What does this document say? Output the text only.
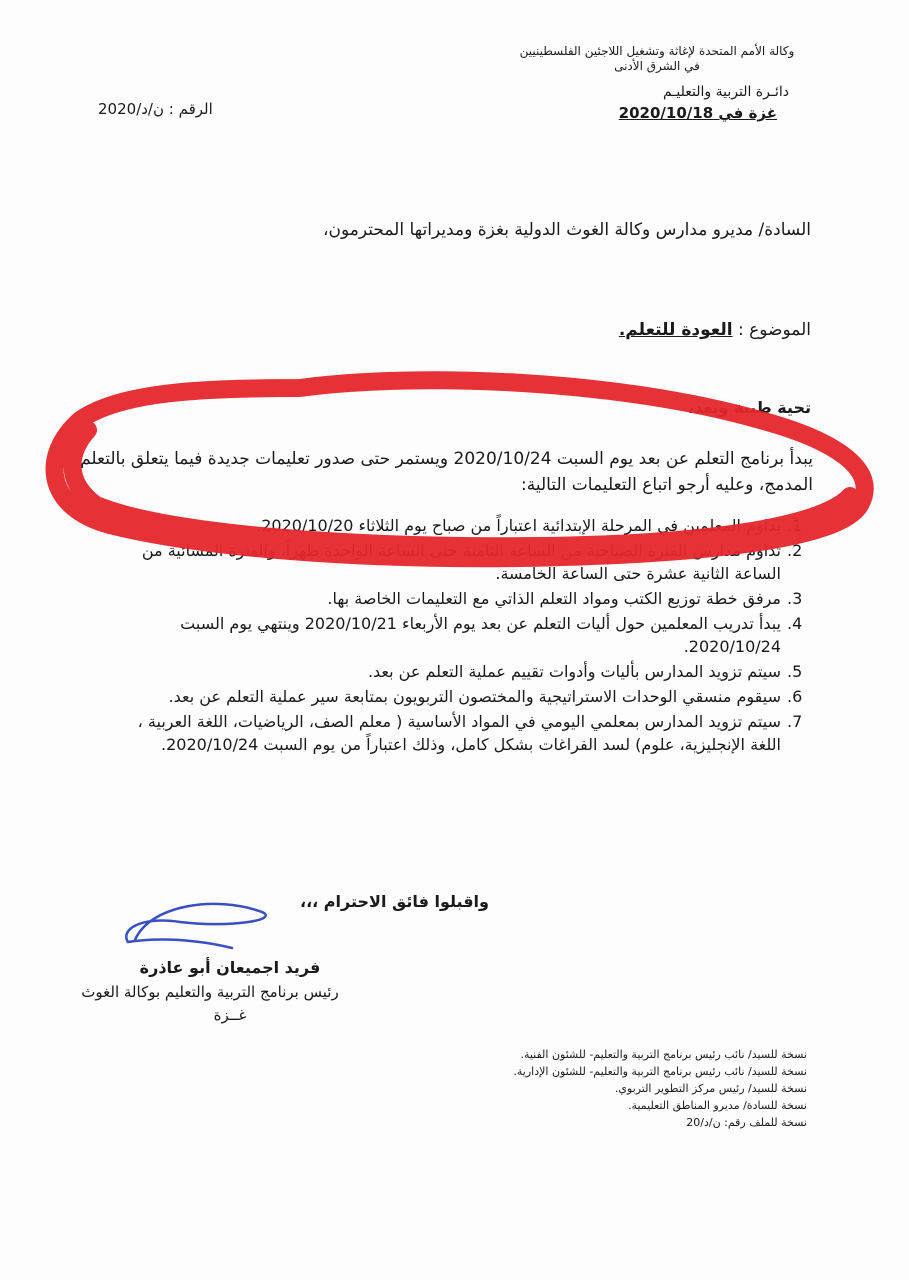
وكالة الأمم المتحدة لإغاثة وتشغيل اللاجئين الفلسطينيين
في الشرق الأدنى
دائـرة التربية والتعليـم
غزة في 2020/10/18
الرقم : ن/د/2020
السادة/ مديرو مدارس وكالة الغوث الدولية بغزة ومديراتها المحترمون،
الموضوع : العودة للتعلم.
تحية طيبة وبعد،
يبدأ برنامج التعلم عن بعد يوم السبت 2020/10/24 ويستمر حتى صدور تعليمات جديدة فيما يتعلق بالتعلم المدمج، وعليه أرجو اتباع التعليمات التالية:
1.
يداوم المعلمين في المرحلة الإبتدائية اعتباراً من صباح يوم الثلاثاء 2020/10/20.
2.
تداوم مدارس الفترة الصباحية من الساعة الثامنة حتى الساعة الواحدة ظهراً، والفترة المسائية من الساعة الثانية عشرة حتى الساعة الخامسة.
3.
مرفق خطة توزيع الكتب ومواد التعلم الذاتي مع التعليمات الخاصة بها.
4.
يبدأ تدريب المعلمين حول أليات التعلم عن بعد يوم الأربعاء 2020/10/21 وينتهي يوم السبت 2020/10/24.
5.
سيتم تزويد المدارس بأليات وأدوات تقييم عملية التعلم عن بعد.
6.
سيقوم منسقي الوحدات الاستراتيجية والمختصون التربويون بمتابعة سير عملية التعلم عن بعد.
7.
سيتم تزويد المدارس بمعلمي اليومي في المواد الأساسية ( معلم الصف، الرياضيات، اللغة العربية ، اللغة الإنجليزية، علوم) لسد الفراغات بشكل كامل، وذلك اعتباراً من يوم السبت 2020/10/24.
واقبلوا فائق الاحترام ،،،
فريد اجميعان أبو عاذرة
رئيس برنامج التربية والتعليم بوكالة الغوث
غــزة
نسخة للسيد/ نائب رئيس برنامج التربية والتعليم- للشئون الفنية.
نسخة للسيد/ نائب رئيس برنامج التربية والتعليم- للشئون الإدارية.
نسخة للسيد/ رئيس مركز التطوير التربوي.
نسخة للسادة/ مديرو المناطق التعليمية.
نسخة للملف رقم: ن/د/20
